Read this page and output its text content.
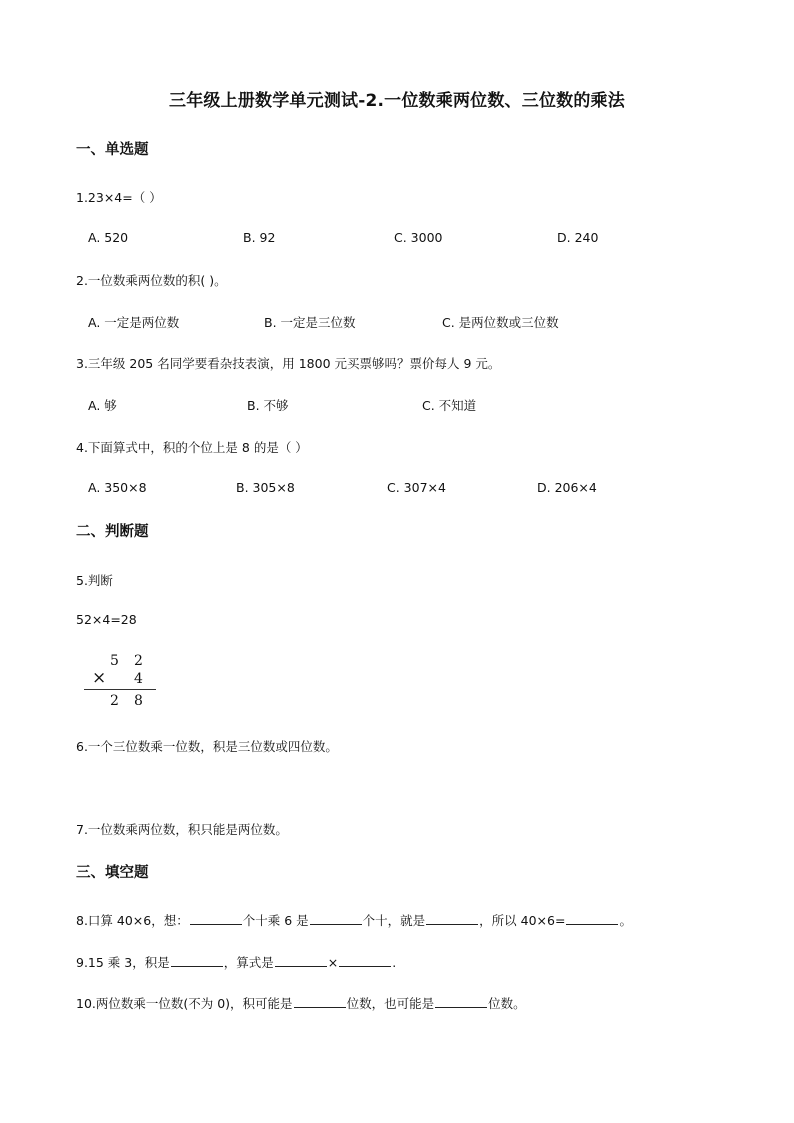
三年级上册数学单元测试-2.一位数乘两位数、三位数的乘法
一、单选题
1.23×4=（ ）
A. 520	B. 92	C. 3000	D. 240
2.一位数乘两位数的积( )。
A. 一定是两位数	B. 一定是三位数	C. 是两位数或三位数
3.三年级 205 名同学要看杂技表演，用 1800 元买票够吗？票价每人 9 元。
A. 够	B. 不够	C. 不知道
4.下面算式中，积的个位上是 8 的是（ ）
A. 350×8	B. 305×8	C. 307×4	D. 206×4
二、判断题
5.判断
52×4=28
5 2
× 4
2 8
6.一个三位数乘一位数，积是三位数或四位数。
7.一位数乘两位数，积只能是两位数。
三、填空题
8.口算 40×6，想：	个十乘 6 是	个十，就是	，所以 40×6=	。
9.15 乘 3，积是	，算式是	×	.
10.两位数乘一位数(不为 0)，积可能是	位数，也可能是	位数。
